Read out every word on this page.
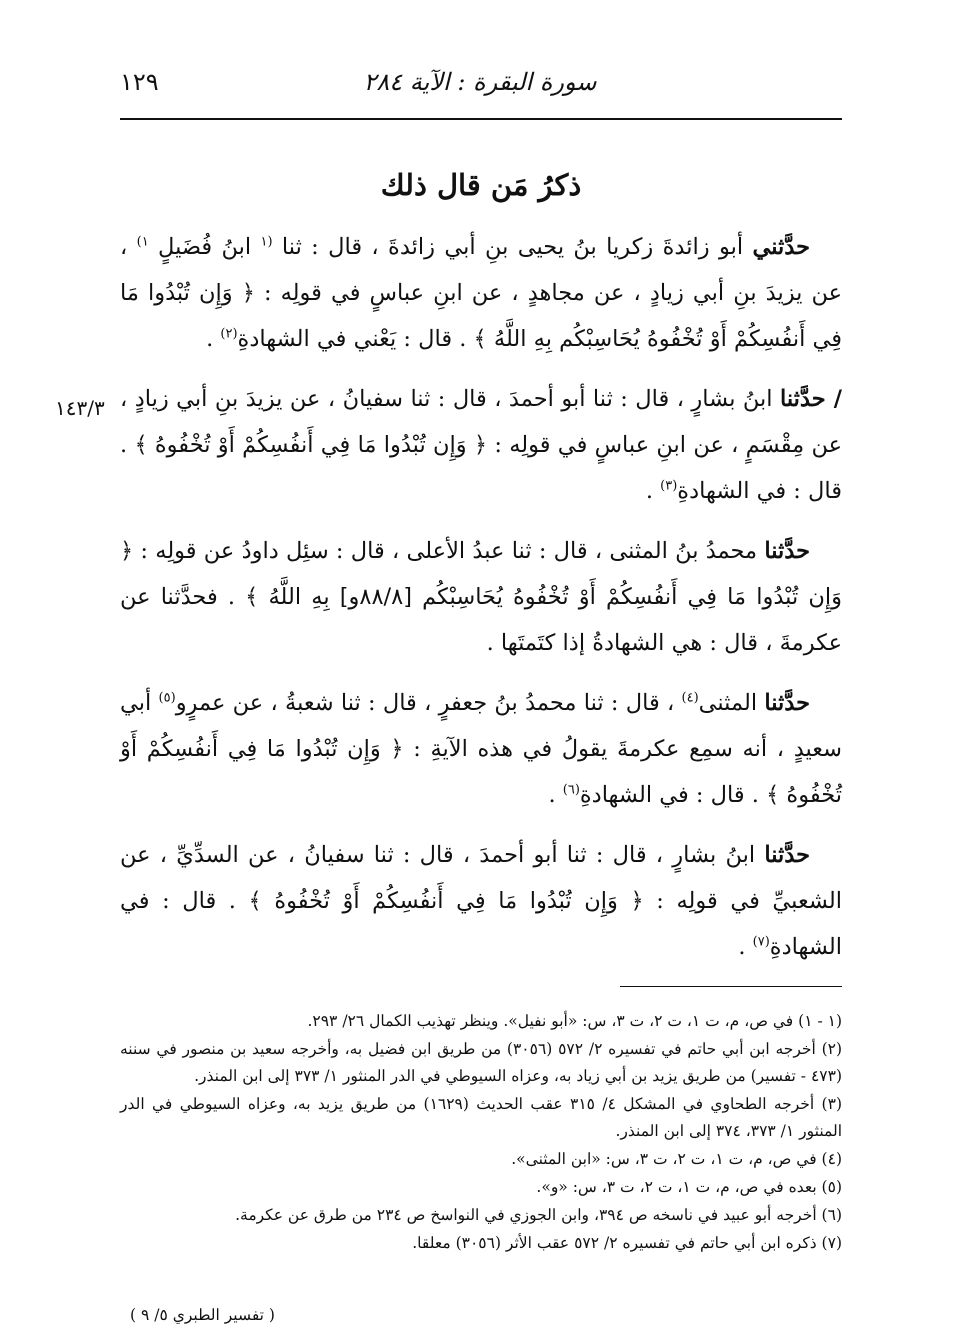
١٢٩	سورة البقرة : الآية ٢٨٤
ذكرُ مَن قال ذلك
١٤٣/٣

حدَّثني أبو زائدةَ زكريا بنُ يحيى بنِ أبي زائدةَ ، قال : ثنا $^{(١}$ ابنُ فُضَيلٍ $^{١)}$ ، عن يزيدَ بنِ أبي زيادٍ ، عن مجاهدٍ ، عن ابنِ عباسٍ في قولِه : ﴿ وَإِن تُبْدُوا مَا فِي أَنفُسِكُمْ أَوْ تُخْفُوهُ يُحَاسِبْكُم بِهِ اللَّهُ ﴾ . قال : يَعْني في الشهادةِ$^{(٢)}$ .

/ حدَّثنا ابنُ بشارٍ ، قال : ثنا أبو أحمدَ ، قال : ثنا سفيانُ ، عن يزيدَ بنِ أبي زيادٍ ، عن مِقْسَمٍ ، عن ابنِ عباسٍ في قولِه : ﴿ وَإِن تُبْدُوا مَا فِي أَنفُسِكُمْ أَوْ تُخْفُوهُ ﴾ . قال : في الشهادةِ$^{(٣)}$ .

حدَّثنا محمدُ بنُ المثنى ، قال : ثنا عبدُ الأعلى ، قال : سئِل داودُ عن قولِه : ﴿ وَإِن تُبْدُوا مَا فِي أَنفُسِكُمْ أَوْ تُخْفُوهُ يُحَاسِبْكُم [٨٨/٨و] بِهِ اللَّهُ ﴾ . فحدَّثنا عن عكرمةَ ، قال : هي الشهادةُ إذا كتَمتَها .

حدَّثنا المثنى$^{(٤)}$ ، قال : ثنا محمدُ بنُ جعفرٍ ، قال : ثنا شعبةُ ، عن عمرٍو$^{(٥)}$ أبي سعيدٍ ، أنه سمِع عكرمةَ يقولُ في هذه الآيةِ : ﴿ وَإِن تُبْدُوا مَا فِي أَنفُسِكُمْ أَوْ تُخْفُوهُ ﴾ . قال : في الشهادةِ$^{(٦)}$ .

حدَّثنا ابنُ بشارٍ ، قال : ثنا أبو أحمدَ ، قال : ثنا سفيانُ ، عن السدِّيِّ ، عن الشعبيِّ في قولِه : ﴿ وَإِن تُبْدُوا مَا فِي أَنفُسِكُمْ أَوْ تُخْفُوهُ ﴾ . قال : في الشهادةِ$^{(٧)}$ .

(١ - ١) في ص، م، ت ١، ت ٢، ت ٣، س: «أبو نفيل». وينظر تهذيب الكمال ٢٦/ ٢٩٣.

(٢) أخرجه ابن أبي حاتم في تفسيره ٢/ ٥٧٢ (٣٠٥٦) من طريق ابن فضيل به، وأخرجه سعيد بن منصور في سننه (٤٧٣ - تفسير) من طريق يزيد بن أبي زياد به، وعزاه السيوطي في الدر المنثور ١/ ٣٧٣ إلى ابن المنذر.

(٣) أخرجه الطحاوي في المشكل ٤/ ٣١٥ عقب الحديث (١٦٢٩) من طريق يزيد به، وعزاه السيوطي في الدر المنثور ١/ ٣٧٣، ٣٧٤ إلى ابن المنذر.

(٤) في ص، م، ت ١، ت ٢، ت ٣، س: «ابن المثنى».

(٥) بعده في ص، م، ت ١، ت ٢، ت ٣، س: «و».

(٦) أخرجه أبو عبيد في ناسخه ص ٣٩٤، وابن الجوزي في النواسخ ص ٢٣٤ من طرق عن عكرمة.

(٧) ذكره ابن أبي حاتم في تفسيره ٢/ ٥٧٢ عقب الأثر (٣٠٥٦) معلقا.

( تفسير الطبري ٥/ ٩ )
